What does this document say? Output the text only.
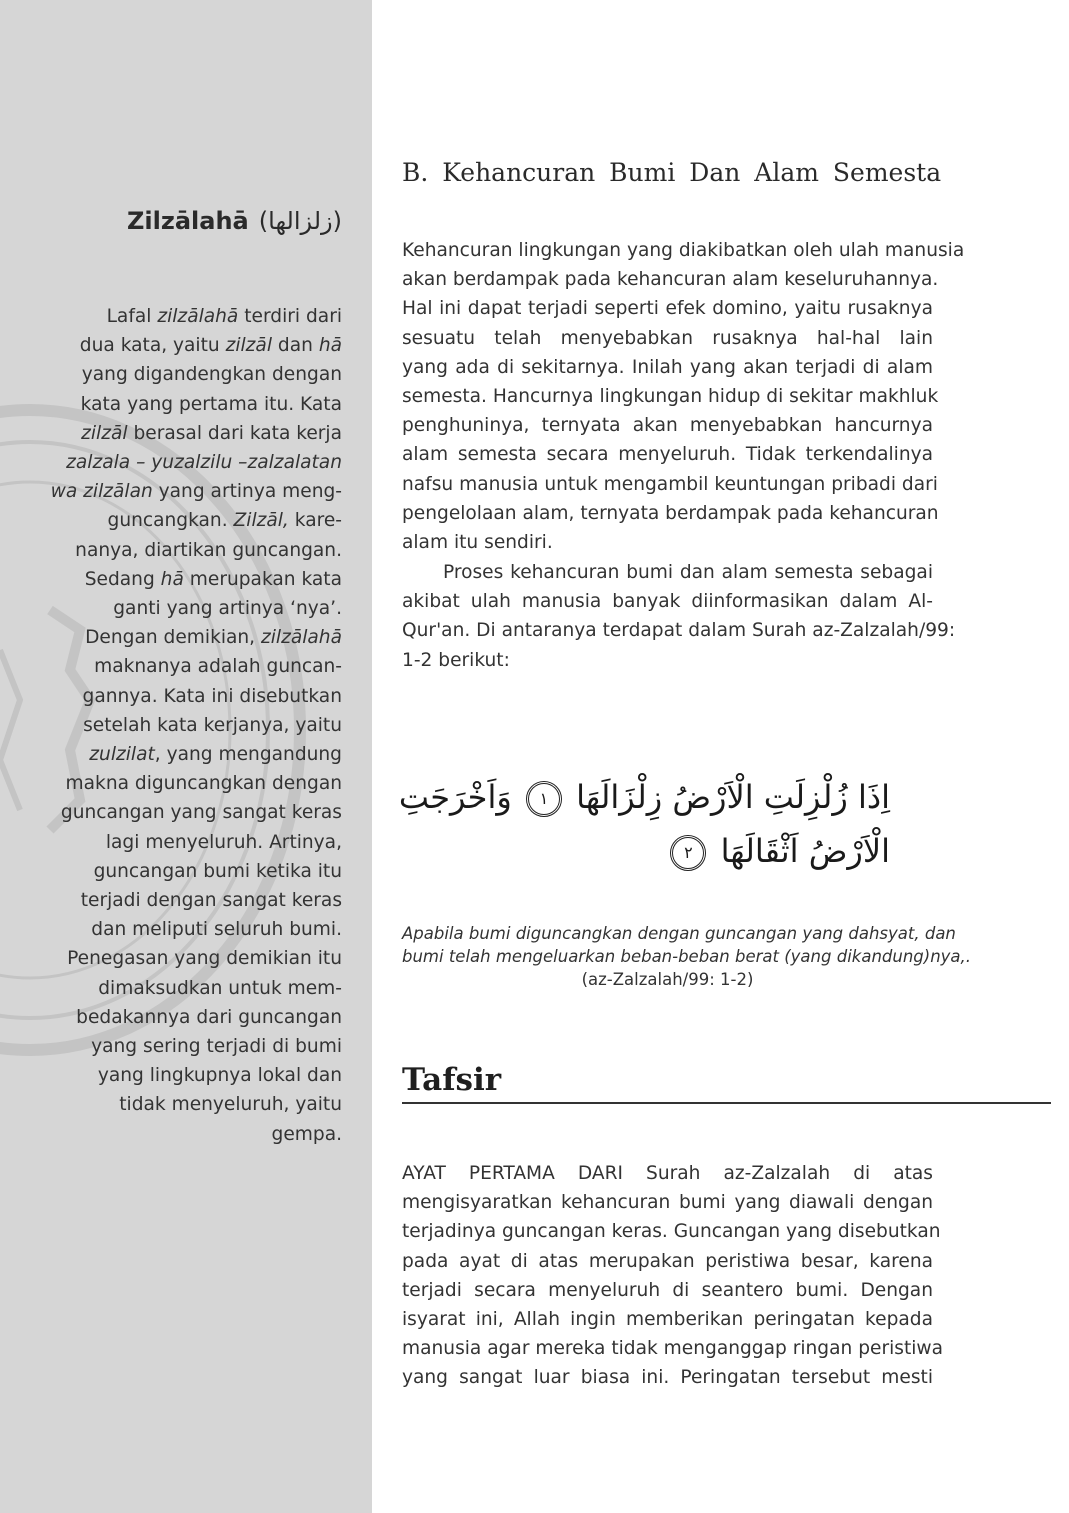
Zilzālahā (زلزالها)
Lafal zilzālahā terdiri dari
dua kata, yaitu zilzāl dan hā
yang digandengkan dengan
kata yang pertama itu. Kata
zilzāl berasal dari kata kerja
zalzala – yuzalzilu –zalzalatan
wa zilzālan yang artinya meng-
guncangkan. Zilzāl, kare-
nanya, diartikan guncangan.
Sedang hā merupakan kata
ganti yang artinya ‘nya’.
Dengan demikian, zilzālahā
maknanya adalah guncan-
gannya. Kata ini disebutkan
setelah kata kerjanya, yaitu
zulzilat, yang mengandung
makna diguncangkan dengan
guncangan yang sangat keras
lagi menyeluruh. Artinya,
guncangan bumi ketika itu
terjadi dengan sangat keras
dan meliputi seluruh bumi.
Penegasan yang demikian itu
dimaksudkan untuk mem-
bedakannya dari guncangan
yang sering terjadi di bumi
yang lingkupnya lokal dan
tidak menyeluruh, yaitu
gempa.
B. Kehancuran Bumi Dan Alam Semesta
Kehancuran lingkungan yang diakibatkan oleh ulah manusia
akan berdampak pada kehancuran alam keseluruhannya.
Hal ini dapat terjadi seperti efek domino, yaitu rusaknya
sesuatu telah menyebabkan rusaknya hal-hal lain
yang ada di sekitarnya. Inilah yang akan terjadi di alam
semesta. Hancurnya lingkungan hidup di sekitar makhluk
penghuninya, ternyata akan menyebabkan hancurnya
alam semesta secara menyeluruh. Tidak terkendalinya
nafsu manusia untuk mengambil keuntungan pribadi dari
pengelolaan alam, ternyata berdampak pada kehancuran
alam itu sendiri.
Proses kehancuran bumi dan alam semesta sebagai
akibat ulah manusia banyak diinformasikan dalam Al-
Qur'an. Di antaranya terdapat dalam Surah az-Zalzalah/99:
1-2 berikut:
اِذَا زُلْزِلَتِ الْاَرْضُ زِلْزَالَهَا ١ وَاَخْرَجَتِ
الْاَرْضُ اَثْقَالَهَا ٢
Apabila bumi diguncangkan dengan guncangan yang dahsyat, dan
bumi telah mengeluarkan beban-beban berat (yang dikandung)nya,.
(az-Zalzalah/99: 1-2)
Tafsir
AYAT PERTAMA DARI Surah az-Zalzalah di atas
mengisyaratkan kehancuran bumi yang diawali dengan
terjadinya guncangan keras. Guncangan yang disebutkan
pada ayat di atas merupakan peristiwa besar, karena
terjadi secara menyeluruh di seantero bumi. Dengan
isyarat ini, Allah ingin memberikan peringatan kepada
manusia agar mereka tidak menganggap ringan peristiwa
yang sangat luar biasa ini. Peringatan tersebut mesti
